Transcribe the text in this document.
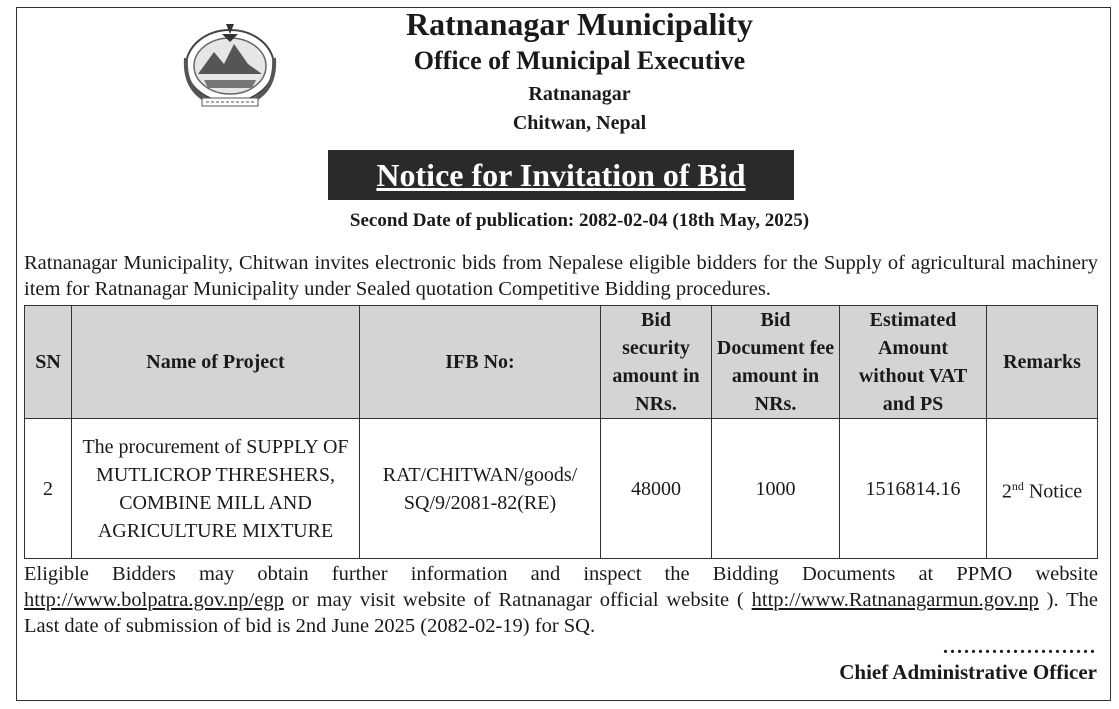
Ratnanagar Municipality
Office of Municipal Executive
Ratnanagar
Chitwan, Nepal
Notice for Invitation of Bid
Second Date of publication: 2082-02-04 (18th May, 2025)
Ratnanagar Municipality, Chitwan invites electronic bids from Nepalese eligible bidders for the Supply of agricultural machinery item for Ratnanagar Municipality under Sealed quotation Competitive Bidding procedures.
SN	Name of Project	IFB No:	Bid security amount in NRs.	Bid Document fee amount in NRs.	Estimated Amount without VAT and PS	Remarks
2	The procurement of SUPPLY OF MUTLICROP THRESHERS, COMBINE MILL AND AGRICULTURE MIXTURE	RAT/CHITWAN/goods/ SQ/9/2081-82(RE)	48000	1000	1516814.16	2nd Notice
Eligible Bidders may obtain further information and inspect the Bidding Documents at PPMO website http://www.bolpatra.gov.np/egp or may visit website of Ratnanagar official website ( http://www.Ratnanagarmun.gov.np ). The Last date of submission of bid is 2nd June 2025 (2082-02-19) for SQ.
......................
Chief Administrative Officer
